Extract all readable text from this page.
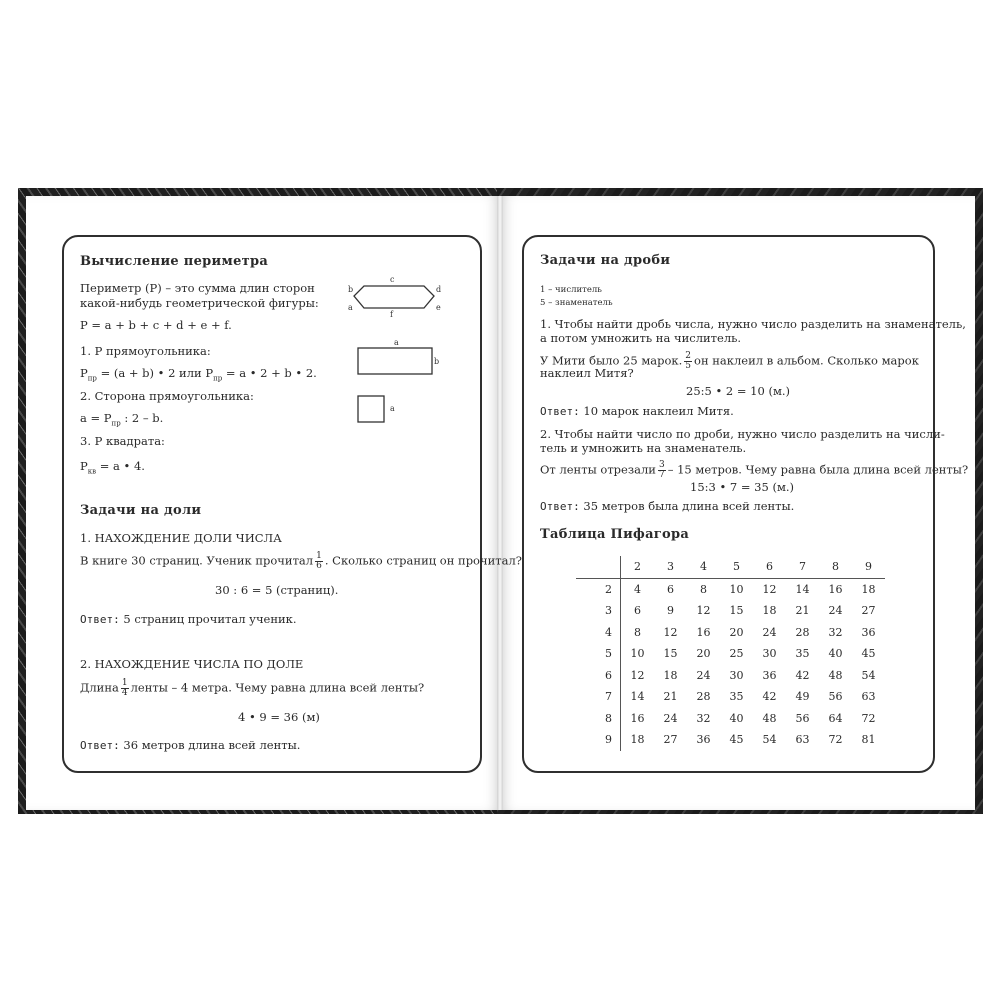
Вычисление периметра
Периметр (P) – это сумма длин сторон
какой-нибудь геометрической фигуры:
P = a + b + c + d + e + f.
1. P прямоугольника:
$P_{пр} = (a + b)$ • 2 или $P_{пр} = a$ • 2 + b • 2.
2. Сторона прямоугольника:
$a = P_{пр}$ : 2 – b.
3. P квадрата:
$P_{кв} = a$ • 4.
c
b	d
a	e
f
a
b
a
Задачи на доли
1. НАХОЖДЕНИЕ ДОЛИ ЧИСЛА
В книге 30 страниц. Ученик прочитал $\frac{1}{6}$ . Сколько страниц он прочитал?
30 : 6 = 5 (страниц).
Ответ: 5 страниц прочитал ученик.
2. НАХОЖДЕНИЕ ЧИСЛА ПО ДОЛЕ
Длина $\frac{1}{4}$ ленты – 4 метра. Чему равна длина всей ленты?
4 • 9 = 36 (м)
Ответ: 36 метров длина всей ленты.
Задачи на дроби
1 – числитель
5 – знаменатель
1. Чтобы найти дробь числа, нужно число разделить на знаменатель,
а потом умножить на числитель.
У Мити было 25 марок. $\frac{2}{5}$ он наклеил в альбом. Сколько марок
наклеил Митя?
25:5 • 2 = 10 (м.)
Ответ: 10 марок наклеил Митя.
2. Чтобы найти число по дроби, нужно число разделить на числи-
тель и умножить на знаменатель.
От ленты отрезали $\frac{3}{7} - 15$ метров. Чему равна была длина всей ленты?
15:3 • 7 = 35 (м.)
Ответ: 35 метров была длина всей ленты.
Таблица Пифагора
	2	3	4	5	6	7	8	9
2	4	6	8	10	12	14	16	18
3	6	9	12	15	18	21	24	27
4	8	12	16	20	24	28	32	36
5	10	15	20	25	30	35	40	45
6	12	18	24	30	36	42	48	54
7	14	21	28	35	42	49	56	63
8	16	24	32	40	48	56	64	72
9	18	27	36	45	54	63	72	81
